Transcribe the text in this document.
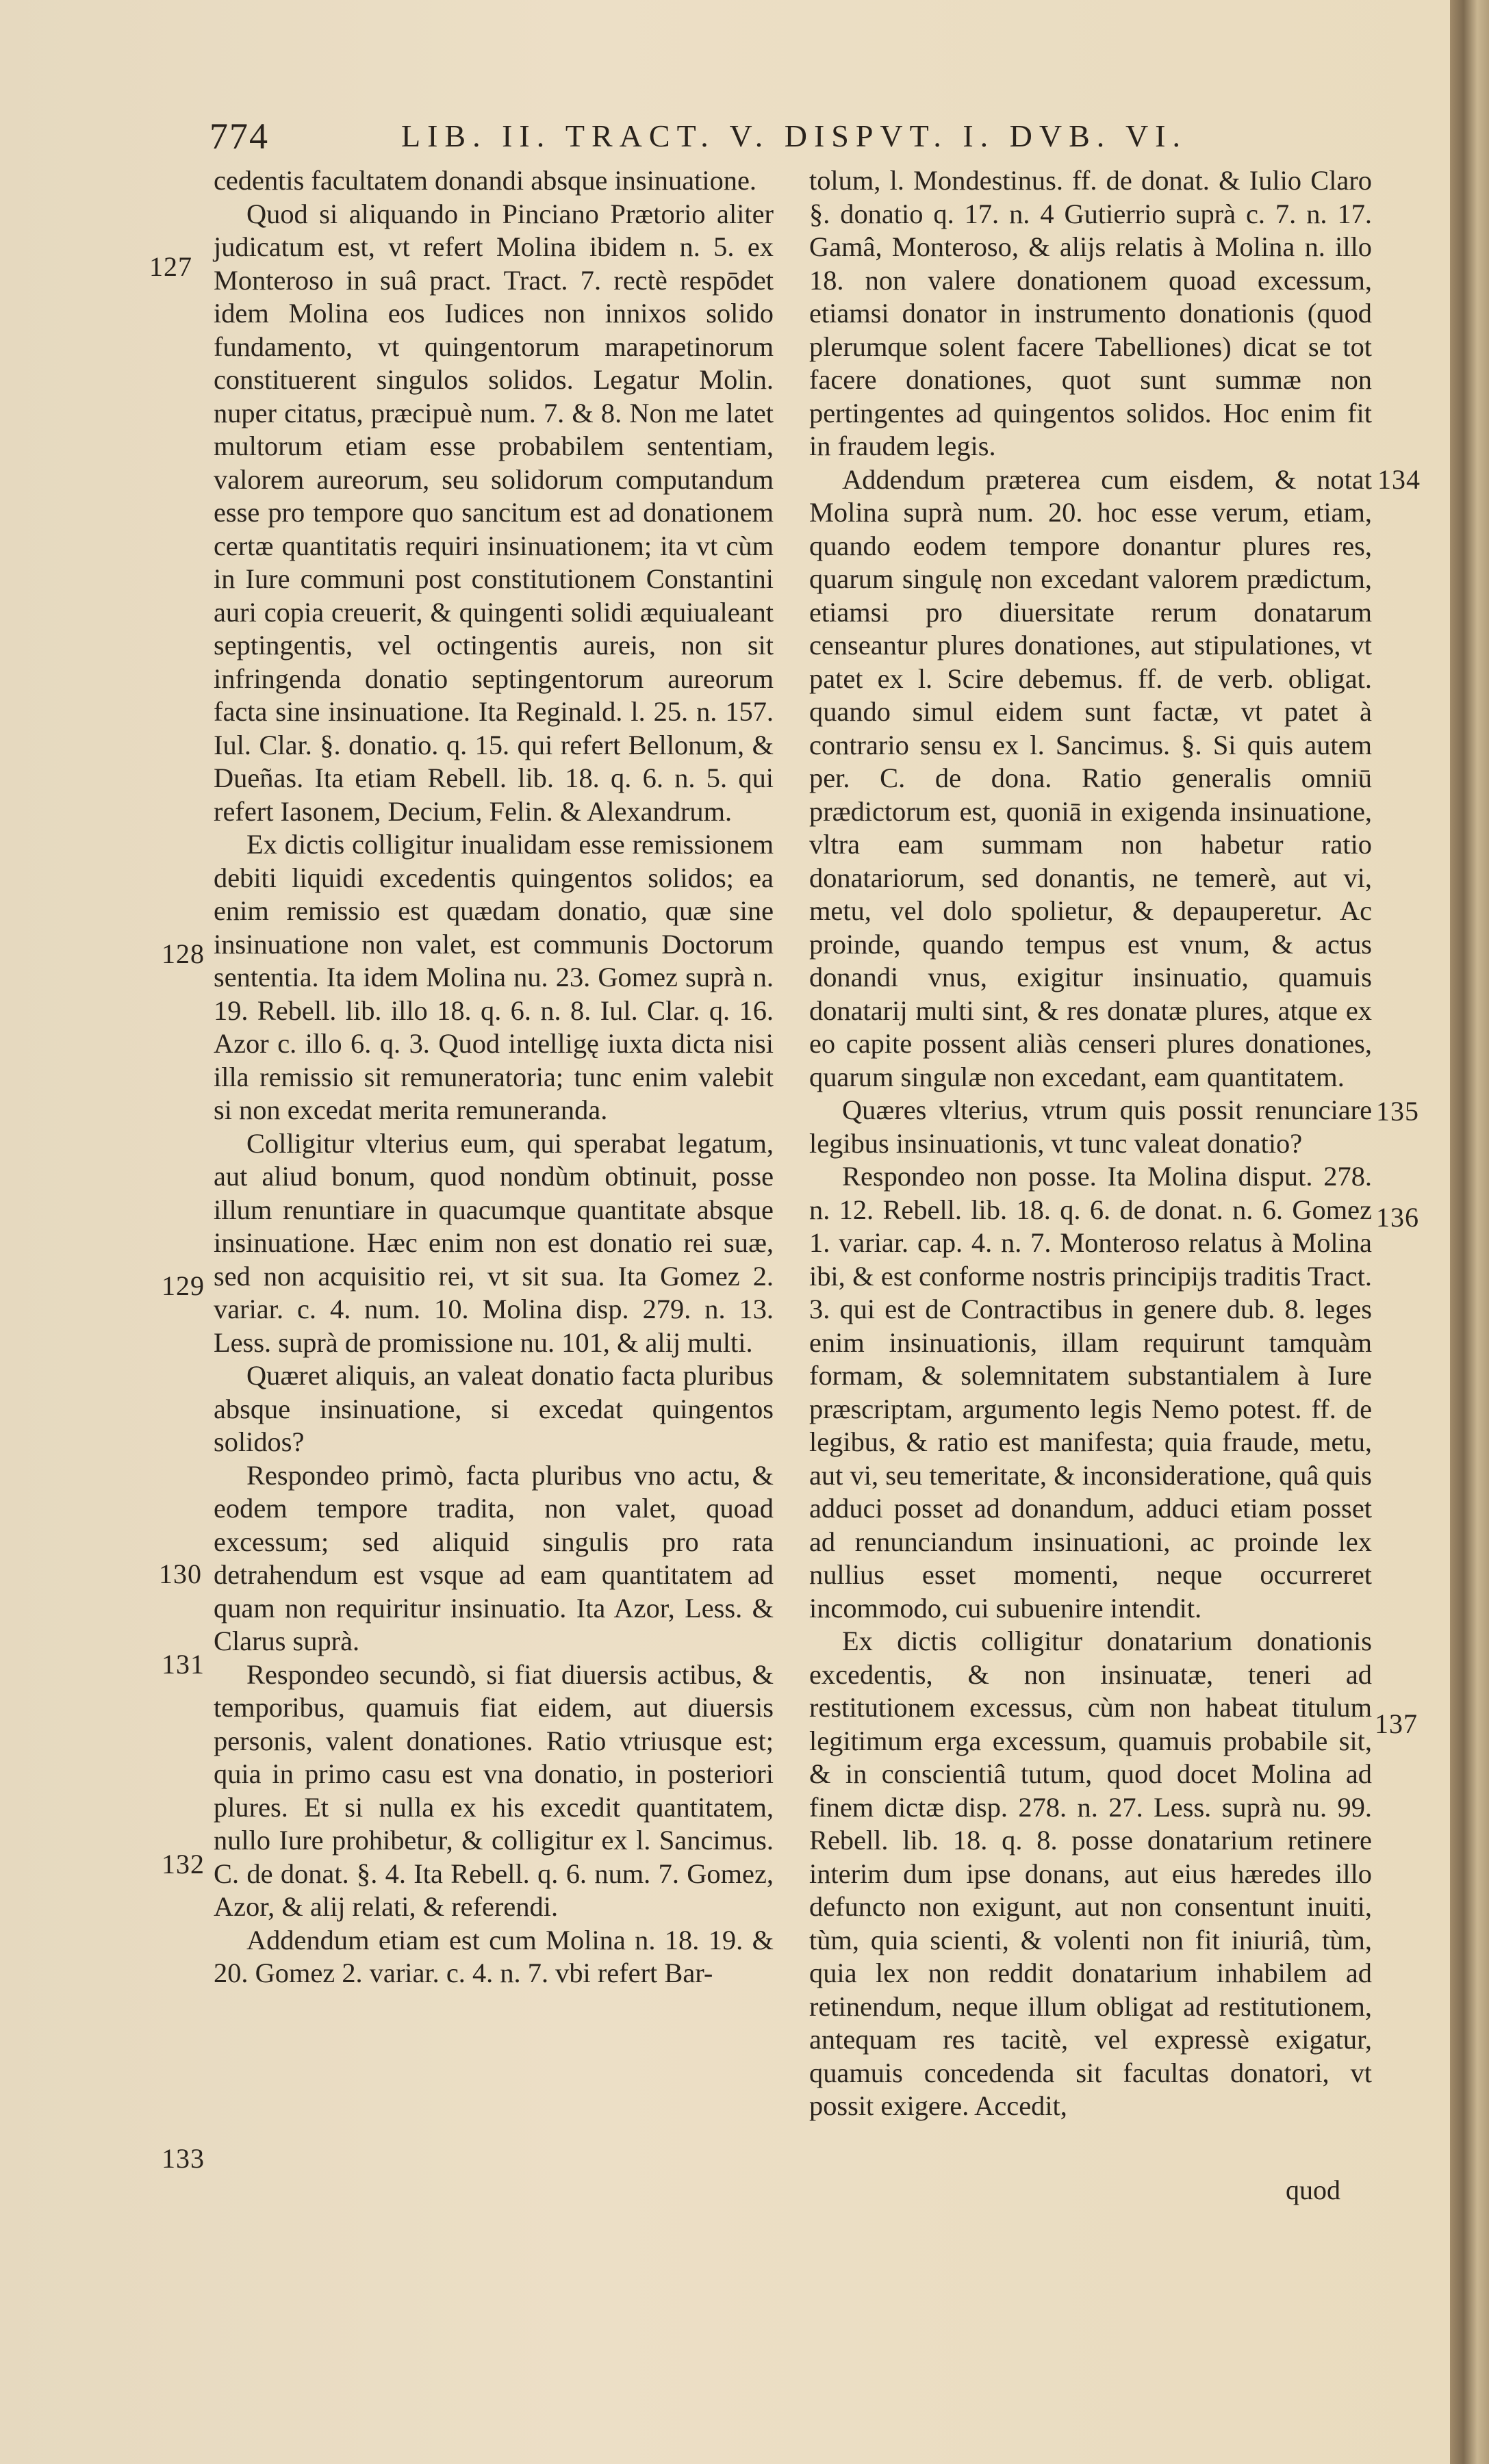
774	LIB. II. TRACT. V. DISPVT. I. DVB. VI.

cedentis facultatem donandi absque insinuatione.

Quod si aliquando in Pinciano Prætorio aliter judicatum est, vt refert Molina ibidem n. 5. ex Monteroso in suâ pract. Tract. 7. rectè respōdet idem Molina eos Iudices non innixos solido fundamento, vt quingentorum marapetinorum constituerent singulos solidos. Legatur Molin. nuper citatus, præcipuè num. 7. & 8. Non me latet multorum etiam esse probabilem sententiam, valorem aureorum, seu solidorum computandum esse pro tempore quo sancitum est ad donationem certæ quantitatis requiri insinuationem; ita vt cùm in Iure communi post constitutionem Constantini auri copia creuerit, & quingenti solidi æquiualeant septingentis, vel octingentis aureis, non sit infringenda donatio septingentorum aureorum facta sine insinuatione. Ita Reginald. l. 25. n. 157. Iul. Clar. §. donatio. q. 15. qui refert Bellonum, & Dueñas. Ita etiam Rebell. lib. 18. q. 6. n. 5. qui refert Iasonem, Decium, Felin. & Alexandrum.

Ex dictis colligitur inualidam esse remissionem debiti liquidi excedentis quingentos solidos; ea enim remissio est quædam donatio, quæ sine insinuatione non valet, est communis Doctorum sententia. Ita idem Molina nu. 23. Gomez suprà n. 19. Rebell. lib. illo 18. q. 6. n. 8. Iul. Clar. q. 16. Azor c. illo 6. q. 3. Quod intelligę iuxta dicta nisi illa remissio sit remuneratoria; tunc enim valebit si non excedat merita remuneranda.

Colligitur vlterius eum, qui sperabat legatum, aut aliud bonum, quod nondùm obtinuit, posse illum renuntiare in quacumque quantitate absque insinuatione. Hæc enim non est donatio rei suæ, sed non acquisitio rei, vt sit sua. Ita Gomez 2. variar. c. 4. num. 10. Molina disp. 279. n. 13. Less. suprà de promissione nu. 101, & alij multi.

Quæret aliquis, an valeat donatio facta pluribus absque insinuatione, si excedat quingentos solidos?

Respondeo primò, facta pluribus vno actu, & eodem tempore tradita, non valet, quoad excessum; sed aliquid singulis pro rata detrahendum est vsque ad eam quantitatem ad quam non requiritur insinuatio. Ita Azor, Less. & Clarus suprà.

Respondeo secundò, si fiat diuersis actibus, & temporibus, quamuis fiat eidem, aut diuersis personis, valent donationes. Ratio vtriusque est; quia in primo casu est vna donatio, in posteriori plures. Et si nulla ex his excedit quantitatem, nullo Iure prohibetur, & colligitur ex l. Sancimus. C. de donat. §. 4. Ita Rebell. q. 6. num. 7. Gomez, Azor, & alij relati, & referendi.

Addendum etiam est cum Molina n. 18. 19. & 20. Gomez 2. variar. c. 4. n. 7. vbi refert Bar-

tolum, l. Mondestinus. ff. de donat. & Iulio Claro §. donatio q. 17. n. 4 Gutierrio suprà c. 7. n. 17. Gamâ, Monteroso, & alijs relatis à Molina n. illo 18. non valere donationem quoad excessum, etiamsi donator in instrumento donationis (quod plerumque solent facere Tabelliones) dicat se tot facere donationes, quot sunt summæ non pertingentes ad quingentos solidos. Hoc enim fit in fraudem legis.

Addendum præterea cum eisdem, & notat Molina suprà num. 20. hoc esse verum, etiam, quando eodem tempore donantur plures res, quarum singulę non excedant valorem prædictum, etiamsi pro diuersitate rerum donatarum censeantur plures donationes, aut stipulationes, vt patet ex l. Scire debemus. ff. de verb. obligat. quando simul eidem sunt factæ, vt patet à contrario sensu ex l. Sancimus. §. Si quis autem per. C. de dona. Ratio generalis omniū prædictorum est, quoniā in exigenda insinuatione, vltra eam summam non habetur ratio donatariorum, sed donantis, ne temerè, aut vi, metu, vel dolo spolietur, & depauperetur. Ac proinde, quando tempus est vnum, & actus donandi vnus, exigitur insinuatio, quamuis donatarij multi sint, & res donatæ plures, atque ex eo capite possent aliàs censeri plures donationes, quarum singulæ non excedant, eam quantitatem.

Quæres vlterius, vtrum quis possit renunciare legibus insinuationis, vt tunc valeat donatio?

Respondeo non posse. Ita Molina disput. 278. n. 12. Rebell. lib. 18. q. 6. de donat. n. 6. Gomez 1. variar. cap. 4. n. 7. Monteroso relatus à Molina ibi, & est conforme nostris principijs traditis Tract. 3. qui est de Contractibus in genere dub. 8. leges enim insinuationis, illam requirunt tamquàm formam, & solemnitatem substantialem à Iure præscriptam, argumento legis Nemo potest. ff. de legibus, & ratio est manifesta; quia fraude, metu, aut vi, seu temeritate, & inconsideratione, quâ quis adduci posset ad donandum, adduci etiam posset ad renunciandum insinuationi, ac proinde lex nullius esset momenti, neque occurreret incommodo, cui subuenire intendit.

Ex dictis colligitur donatarium donationis excedentis, & non insinuatæ, teneri ad restitutionem excessus, cùm non habeat titulum legitimum erga excessum, quamuis probabile sit, & in conscientiâ tutum, quod docet Molina ad finem dictæ disp. 278. n. 27. Less. suprà nu. 99. Rebell. lib. 18. q. 8. posse donatarium retinere interim dum ipse donans, aut eius hæredes illo defuncto non exigunt, aut non consentunt inuiti, tùm, quia scienti, & volenti non fit iniuriâ, tùm, quia lex non reddit donatarium inhabilem ad retinendum, neque illum obligat ad restitutionem, antequam res tacitè, vel expressè exigatur, quamuis concedenda sit facultas donatori, vt possit exigere. Accedit,

127
128
129
130
131
132
133
134
135
136
137
quod
